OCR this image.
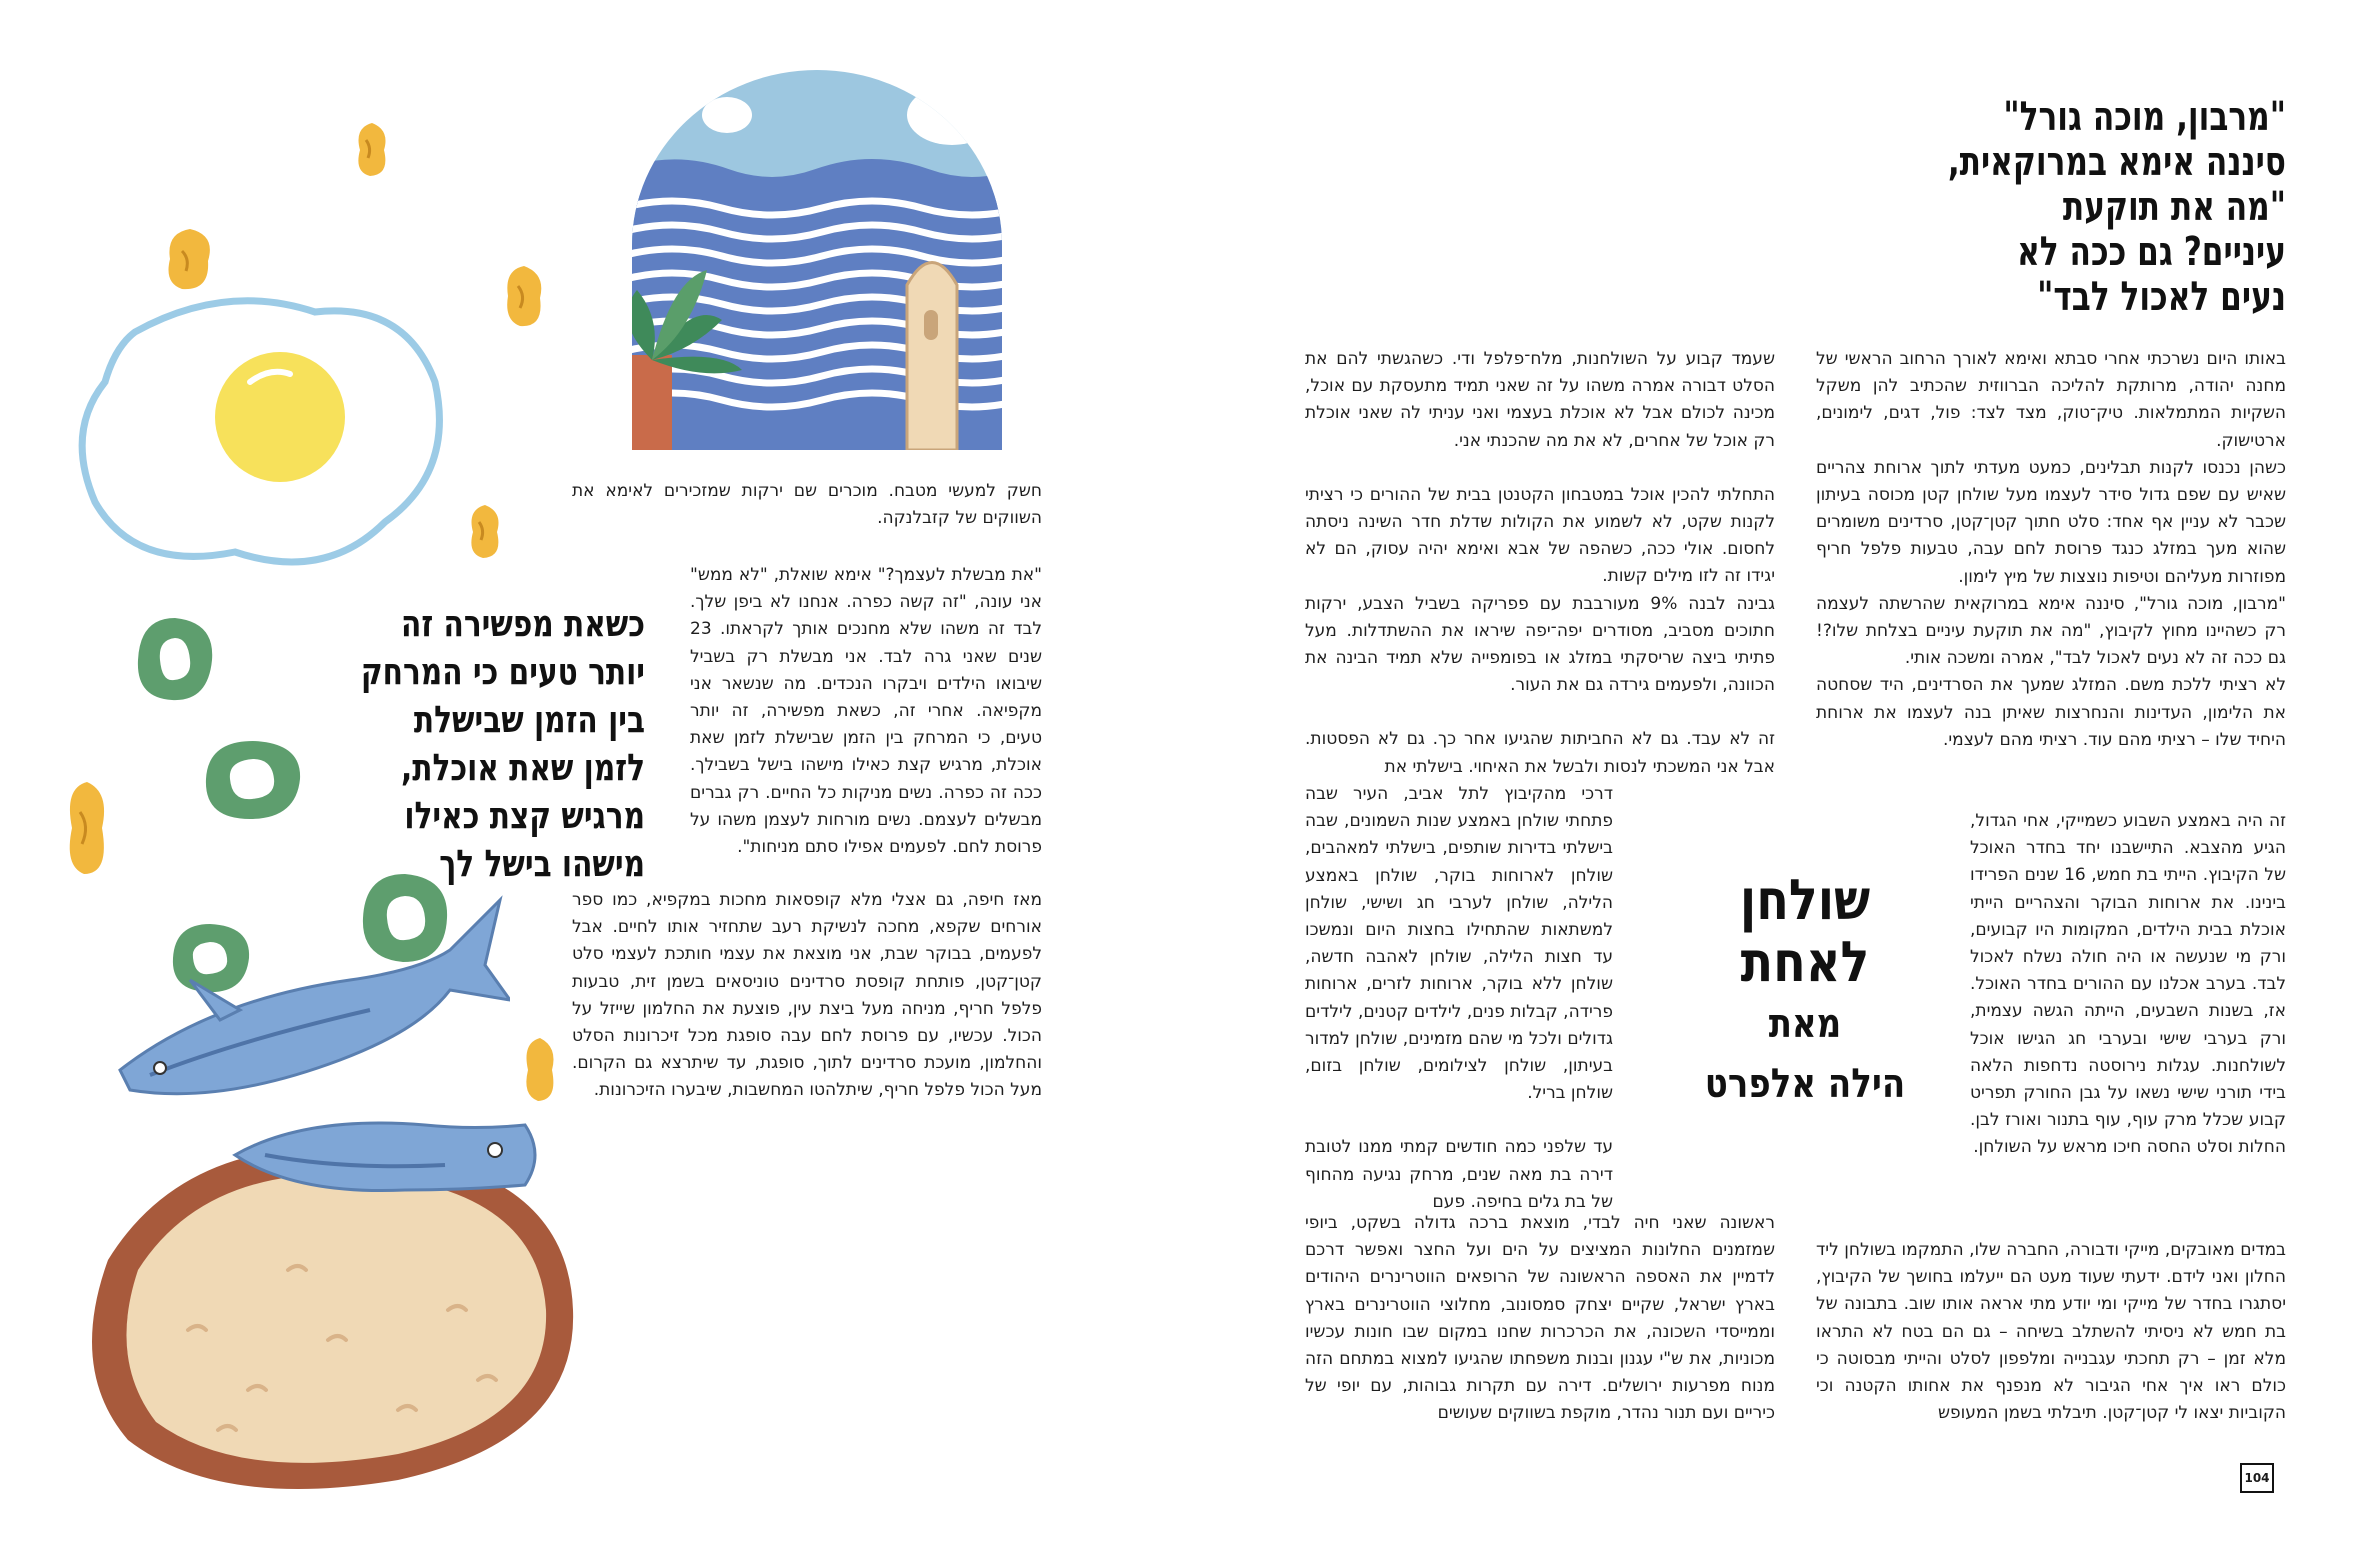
"מרבון, מוכה גורל"
סיננה אימא במרוקאית,
"מה את תוקעת
עיניים? גם ככה לא
נעים לאכול לבד"

באותו היום נשרכתי אחרי סבתא ואימא לאורך הרחוב הראשי של מחנה יהודה, מרותקת להליכה הברווזית שהכתיב להן משקל השקיות המתמלאות. טיק־טוק, מצד לצד: פול, דגים, לימונים, ארטישוק.

כשהן נכנסו לקנות תבלינים, כמעט מעדתי לתוך ארוחת צהריים שאיש עם שפם גדול סידר לעצמו מעל שולחן קטן מכוסה בעיתון שכבר לא עניין אף אחד: סלט חתוך קטן־קטן, סרדינים משומרים שהוא מעך במזלג כנגד פרוסת לחם עבה, טבעות פלפל חריף מפוזרות מעליהם וטיפות נוצצות של מיץ לימון.

"מרבון, מוכה גורל", סיננה אימא במרוקאית שהרשתה לעצמה רק כשהיינו מחוץ לקיבוץ, "מה את תוקעת עיניים בצלחת שלו?! גם ככה זה לא נעים לאכול לבד", אמרה ומשכה אותי.

לא רציתי ללכת משם. המזלג שמעך את הסרדינים, היד שסחטה את הלימון, העדינות והנחרצות שאיתן בנה לעצמו את ארוחת היחיד שלו – רציתי מהם עוד. רציתי מהם לעצמי.

שולחן
לאחת
מאת
הילה אלפרט

זה היה באמצע השבוע כשמייקי, אחי הגדול, הגיע מהצבא. התיישבנו יחד בחדר האוכל של הקיבוץ. הייתי בת חמש, 16 שנים הפרידו בינינו. את ארוחות הבוקר והצהריים הייתי אוכלת בבית הילדים, המקומות היו קבועים, ורק מי שנעשה או היה חולה נשלח לאכול לבד. בערב אכלנו עם ההורים בחדר האוכל. אז, בשנות השבעים, הייתה הגשה עצמית, ורק בערבי שישי ובערבי חג הגישו אוכל לשולחנות. עגלות נירוסטה נדחפות הלאה בידי תורני שישי נשאו על גבן החורק תפריט קבוע שכלל מרק עוף, עוף בתנור ואורז לבן. החלות וסלט החסה חיכו מראש על השולחן.

במדים מאובקים, מייקי ודבורה, החברה שלו, התמקמו בשולחן ליד החלון ואני לידם. ידעתי שעוד מעט הם ייעלמו בחושך של הקיבוץ, יסתגרו בחדר של מייקי ומי יודע מתי אראה אותו שוב. בתבונה של בת חמש לא ניסיתי להשתלב בשיחה – גם הם בטח לא התראו מלא זמן – רק תחכתי עגבנייה ומלפפון לסלט והייתי מבסוטה כי כולם ראו איך אחי הגיבור לא מנפנף את אחותו הקטנה וכי הקוביות יצאו לי קטן־קטן. תיבלתי בשמן המעופש

שעמד קבוע על השולחנות, מלח־פלפל ודי. כשהגשתי להם את הסלט דבורה אמרה משהו על זה שאני תמיד מתעסקת עם אוכל, מכינה לכולם אבל לא אוכלת בעצמי ואני עניתי לה שאני אוכלת רק אוכל של אחרים, לא את מה שהכנתי אני.

התחלתי להכין אוכל במטבחון הקטנטן בבית של ההורים כי רציתי לקנות שקט, לא לשמוע את הקולות שדלת חדר השינה ניסתה לחסום. אולי ככה, כשהפה של אבא ואימא יהיה עסוק, הם לא יגידו זה לזו מילים קשות.

גבינה לבנה 9% מעורבבת עם פפריקה בשביל הצבע, ירקות חתוכים מסביב, מסודרים יפה־יפה שיראו את ההשתדלות. מעל פתיתי ביצה שריסקתי במזלג או בפומפייה שלא תמיד הבינה את הכוונה, ולפעמים גירדה גם את העור.

זה לא עבד. גם לא החביתות שהגיעו אחר כך. גם לא הפסטות. אבל אני המשכתי לנסות ולבשל את האיחוי. בישלתי את

דרכי מהקיבוץ לתל אביב, העיר שבה פתחתי שולחן באמצע שנות השמונים, שבה בישלתי בדירות שותפים, בישלתי למאהבים, שולחן לארוחות בוקר, שולחן באמצע הלילה, שולחן לערבי חג ושישי, שולחן למשתאות שהתחילו בחצות היום ונמשכו עד חצות הלילה, שולחן לאהבה חדשה, שולחן ללא בוקר, ארוחות לזרים, ארוחות פרידה, קבלות פנים, לילדים קטנים, לילדים גדולים ולכל מי שהם מזמינים, שולחן למדור בעיתון, שולחן לצילומים, שולחן בזום, שולחן בריל.

עד שלפני כמה חודשים קמתי ממנו לטובת דירה בת מאה שנים, מרחק נגיעה מהחוף של בת גלים בחיפה. פעם

ראשונה שאני חיה לבדי, מוצאת ברכה גדולה בשקט, ביופי שמזמנים החלונות המציצים על הים ועל החצר ואפשר דרכם לדמיין את האספה הראשונה של הרופאים הווטרינרים היהודים בארץ ישראל, שקיים יצחק סמסונוב, מחלוצי הווטרינרים בארץ וממייסדי השכונה, את הכרכרות שחנו במקום שבו חונות עכשיו מכוניות, את ש"י עגנון ובנות משפחתו שהגיעו למצוא במתחם הזה מנוח מפרעות ירושלים. דירה עם תקרות גבוהות, עם יופי של כיריים ועם תנור נהדר, מוקפת בשווקים שעושים

חשק למעשי מטבח. מוכרים שם ירקות שמזכירים לאימא את השווקים של קזבלנקה.

"את מבשלת לעצמך?" אימא שואלת, "לא ממש" אני עונה, "זה קשה כפרה. אנחנו לא ביפן שלך. לבד זה משהו שלא מחנכים אותך לקראתו. 23 שנים שאני גרה לבד. אני מבשלת רק בשביל שיבואו הילדים ויבקרו הנכדים. מה שנשאר אני מקפיאה. אחרי זה, כשאת מפשירה, זה יותר טעים, כי המרחק בין הזמן שבישלת לזמן שאת אוכלת, מרגיש קצת כאילו מישהו בישל בשבילך. ככה זה כפרה. נשים מניקות כל החיים. רק גברים מבשלים לעצמם. נשים מורחות לעצמן משהו על פרוסת לחם. לפעמים אפילו סתם מניחות".

מאז חיפה, גם אצלי מלא קופסאות מחכות במקפיא, כמו ספר אורחים שקפא, מחכה לנשיקת רעב שתחזיר אותו לחיים. אבל לפעמים, בבוקר שבת, אני מוצאת את עצמי חותכת לעצמי סלט קטן־קטן, פותחת קופסת סרדינים טוניסאים בשמן זית, טבעות פלפל חריף, מניחה מעל ביצת עין, פוצעת את החלמון שייזל על הכול. עכשיו, עם פרוסת לחם עבה סופגת מכל זיכרונות הסלט והחלמון, מועכת סרדינים לתוך, סופגת, עד שיתרצא גם הקרום. מעל הכול פלפל חריף, שיתלהטו המחשבות, שיבערו הזיכרונות.

כשאת מפשירה זה
יותר טעים כי המרחק
בין הזמן שבישלת
לזמן שאת אוכלת,
מרגיש קצת כאילו
מישהו בישל לך
104
